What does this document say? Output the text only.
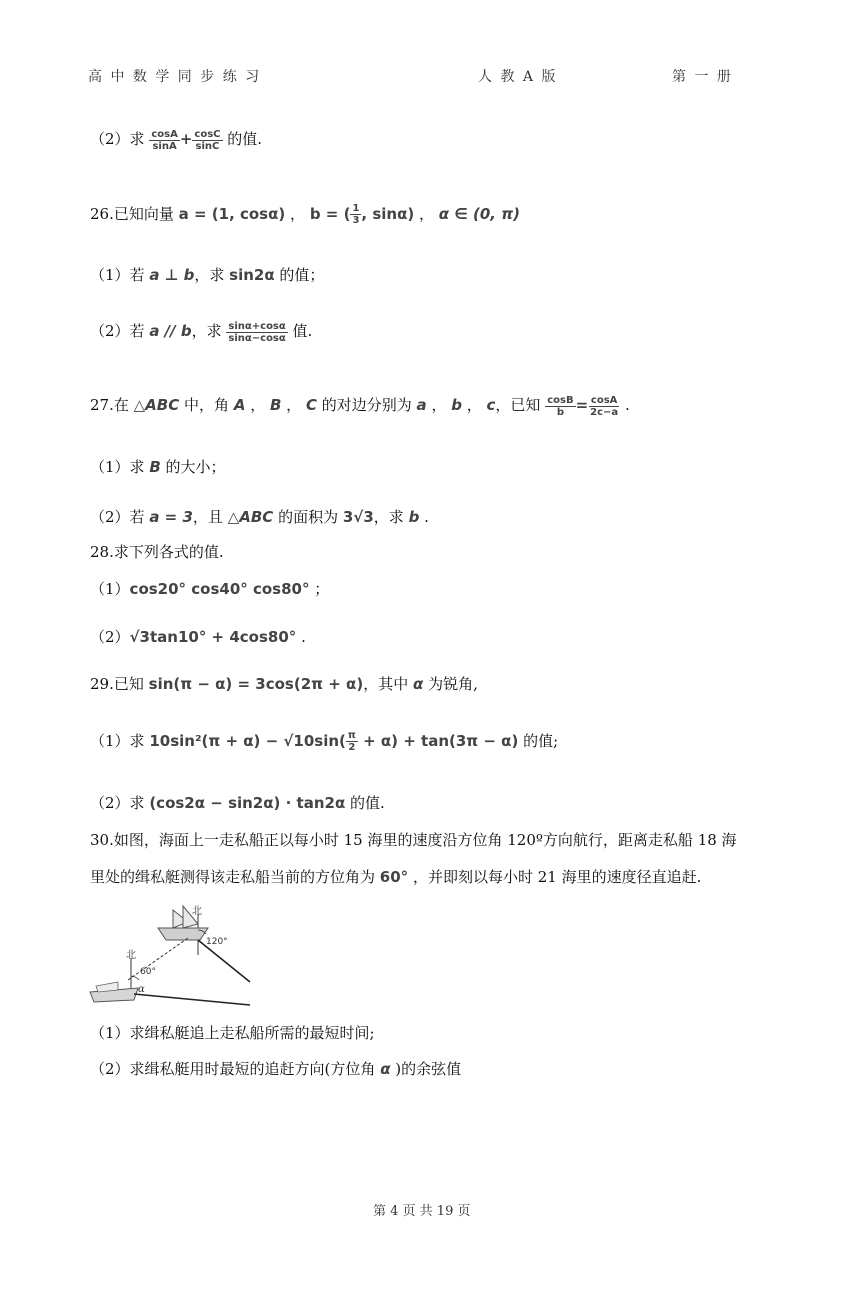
高 中 数 学 同 步 练 习	人 教 A 版	第 一 册
（2）求 $\frac{\cos A}{\sin A} + \frac{\cos C}{\sin C}$ 的值.
26.已知向量 a = (1, cosα) ， b = ( $\frac{1}{3}$ , sinα) ， α ∈ (0, π)
（1）若 a ⊥ b，求 sin2α 的值；
（2）若 a // b，求 $\frac{\sin\alpha+\cos\alpha}{\sin\alpha-\cos\alpha}$ 值.
27.在 △ABC 中，角 A ， B ， C 的对边分别为 a ， b ， c，已知 $\frac{\cos B}{b} = \frac{\cos A}{2c-a}$ .
（1）求 B 的大小；
（2）若 a = 3，且 △ABC 的面积为 3√3，求 b .
28.求下列各式的值.
（1）cos20° cos40° cos80° ；
（2）√3tan10° + 4cos80° .
29.已知 sin(π − α) = 3cos(2π + α)，其中 α 为锐角,
（1）求 $10\sin^2(\pi + \alpha) - √10\sin( \frac{\pi}{2} + \alpha) + \tan(3\pi - \alpha)$ 的值;
（2）求 (cos2α − sin2α) · tan2α 的值.
30.如图，海面上一走私船正以每小时 15 海里的速度沿方位角 120º方向航行，距离走私船 18 海
里处的缉私艇测得该走私船当前的方位角为 60° ，并即刻以每小时 21 海里的速度径直追赶.
北
120°
北
60°
α
（1）求缉私艇追上走私船所需的最短时间;
（2）求缉私艇用时最短的追赶方向(方位角 α )的余弦值
第 4 页 共 19 页
